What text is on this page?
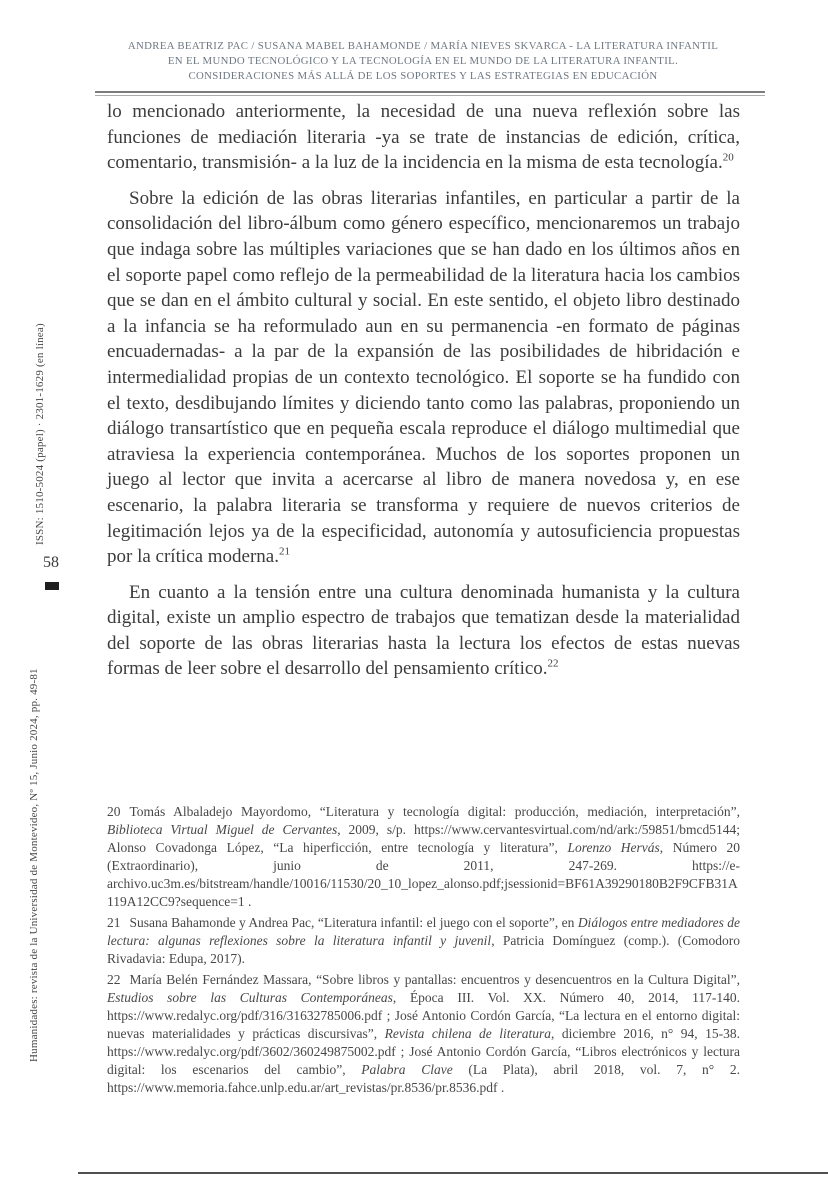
ANDREA BEATRIZ PAC / SUSANA MABEL BAHAMONDE / MARÍA NIEVES SKVARCA - LA LITERATURA INFANTIL
EN EL MUNDO TECNOLÓGICO Y LA TECNOLOGÍA EN EL MUNDO DE LA LITERATURA INFANTIL.
CONSIDERACIONES MÁS ALLÁ DE LOS SOPORTES Y LAS ESTRATEGIAS EN EDUCACIÓN
ISSN: 1510-5024 (papel) · 2301-1629 (en línea)
58
Humanidades: revista de la Universidad de Montevideo, Nº 15, Junio 2024, pp. 49-81

lo mencionado anteriormente, la necesidad de una nueva reflexión sobre las funciones de mediación literaria -ya se trate de instancias de edición, crítica, comentario, transmisión- a la luz de la incidencia en la misma de esta tecnología.$^{20}$

Sobre la edición de las obras literarias infantiles, en particular a partir de la consolidación del libro-álbum como género específico, mencionaremos un trabajo que indaga sobre las múltiples variaciones que se han dado en los últimos años en el soporte papel como reflejo de la permeabilidad de la literatura hacia los cambios que se dan en el ámbito cultural y social. En este sentido, el objeto libro destinado a la infancia se ha reformulado aun en su permanencia -en formato de páginas encuadernadas- a la par de la expansión de las posibilidades de hibridación e intermedialidad propias de un contexto tecnológico. El soporte se ha fundido con el texto, desdibujando límites y diciendo tanto como las palabras, proponiendo un diálogo transartístico que en pequeña escala reproduce el diálogo multimedial que atraviesa la experiencia contemporánea. Muchos de los soportes proponen un juego al lector que invita a acercarse al libro de manera novedosa y, en ese escenario, la palabra literaria se transforma y requiere de nuevos criterios de legitimación lejos ya de la especificidad, autonomía y autosuficiencia propuestas por la crítica moderna.$^{21}$

En cuanto a la tensión entre una cultura denominada humanista y la cultura digital, existe un amplio espectro de trabajos que tematizan desde la materialidad del soporte de las obras literarias hasta la lectura los efectos de estas nuevas formas de leer sobre el desarrollo del pensamiento crítico.$^{22}$

20 Tomás Albaladejo Mayordomo, “Literatura y tecnología digital: producción, mediación, interpretación”, Biblioteca Virtual Miguel de Cervantes, 2009, s/p. https://www.cervantesvirtual.com/nd/ark:/59851/bmcd5144; Alonso Covadonga López, “La hiperficción, entre tecnología y literatura”, Lorenzo Hervás, Número 20 (Extraordinario), junio de 2011, 247-269. https://e-archivo.uc3m.es/bitstream/handle/10016/11530/20_10_lopez_alonso.pdf;jsessionid=BF61A39290180B2F9CFB31A119A12CC9?sequence=1 .

21 Susana Bahamonde y Andrea Pac, “Literatura infantil: el juego con el soporte”, en Diálogos entre mediadores de lectura: algunas reflexiones sobre la literatura infantil y juvenil, Patricia Domínguez (comp.). (Comodoro Rivadavia: Edupa, 2017).

22 María Belén Fernández Massara, “Sobre libros y pantallas: encuentros y desencuentros en la Cultura Digital”, Estudios sobre las Culturas Contemporáneas, Época III. Vol. XX. Número 40, 2014, 117-140. https://www.redalyc.org/pdf/316/31632785006.pdf ; José Antonio Cordón García, “La lectura en el entorno digital: nuevas materialidades y prácticas discursivas”, Revista chilena de literatura, diciembre 2016, n° 94, 15-38. https://www.redalyc.org/pdf/3602/360249875002.pdf ; José Antonio Cordón García, “Libros electrónicos y lectura digital: los escenarios del cambio”, Palabra Clave (La Plata), abril 2018, vol. 7, n° 2. https://www.memoria.fahce.unlp.edu.ar/art_revistas/pr.8536/pr.8536.pdf .
